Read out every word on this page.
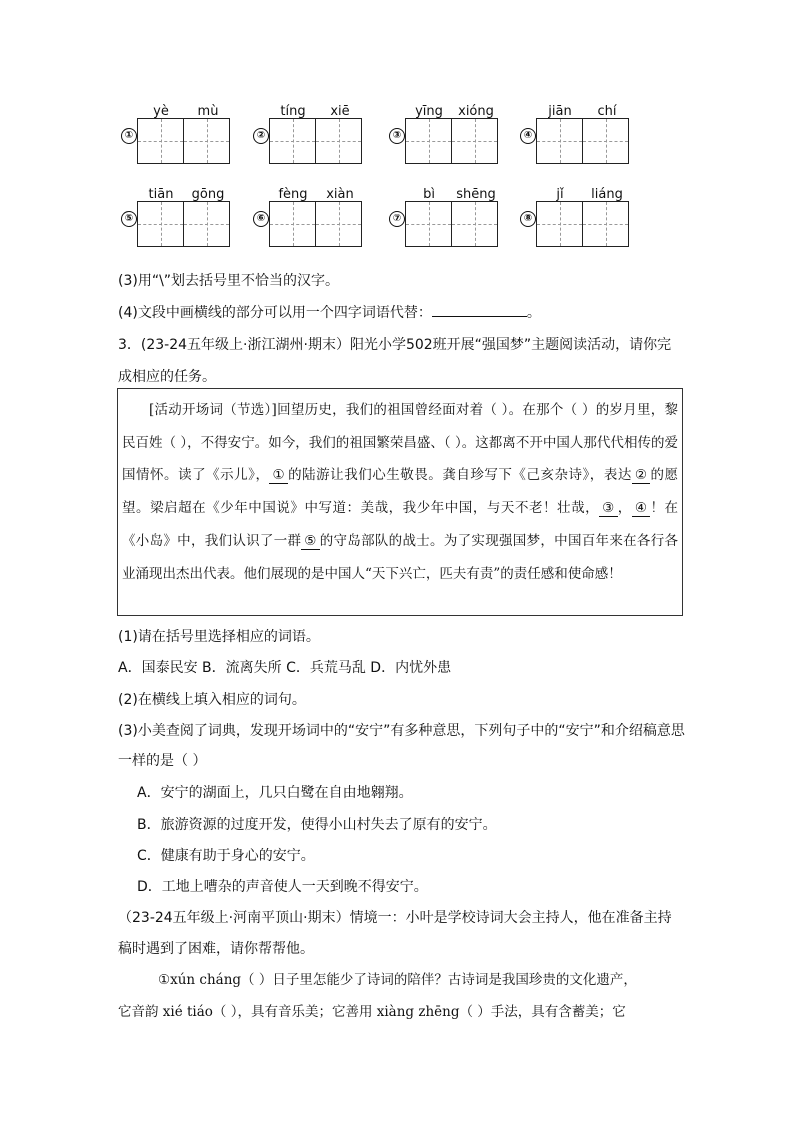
yè	mù
①
tíng	xiē
②
yīng	xióng
③
jiān	chí
④
tiān	gōng
⑤
fèng	xiàn
⑥
bì	shēng
⑦
jǐ	liáng
⑧
(3)用“\”划去括号里不恰当的汉字。
(4)文段中画横线的部分可以用一个四字词语代替：	。
3．(23-24五年级上·浙江湖州·期末）阳光小学502班开展“强国梦”主题阅读活动，请你完
成相应的任务。
[活动开场词（节选）]回望历史，我们的祖国曾经面对着（ ）。在那个（ ）的岁月里，黎民百姓（ ），不得安宁。如今，我们的祖国繁荣昌盛、（ ）。这都离不开中国人那代代相传的爱国情怀。读了《示儿》， ① 的陆游让我们心生敬畏。龚自珍写下《己亥杂诗》，表达 ② 的愿望。梁启超在《少年中国说》中写道：美哉，我少年中国，与天不老！壮哉， ③ ， ④ ！在《小岛》中，我们认识了一群 ⑤ 的守岛部队的战士。为了实现强国梦，中国百年来在各行各业涌现出杰出代表。他们展现的是中国人“天下兴亡，匹夫有责”的责任感和使命感！
(1)请在括号里选择相应的词语。
A．国泰民安 B．流离失所 C．兵荒马乱 D．内忧外患
(2)在横线上填入相应的词句。
(3)小美查阅了词典，发现开场词中的“安宁”有多种意思，下列句子中的“安宁”和介绍稿意思
一样的是（ ）
A．安宁的湖面上，几只白鹭在自由地翱翔。
B．旅游资源的过度开发，使得小山村失去了原有的安宁。
C．健康有助于身心的安宁。
D．工地上嘈杂的声音使人一天到晚不得安宁。
（23-24五年级上·河南平顶山·期末）情境一：小叶是学校诗词大会主持人，他在准备主持
稿时遇到了困难，请你帮帮他。
①xún cháng（ ）日子里怎能少了诗词的陪伴？古诗词是我国珍贵的文化遗产，
它音韵 xié tiáo（ ），具有音乐美；它善用 xiàng zhēng（ ）手法，具有含蓄美；它
